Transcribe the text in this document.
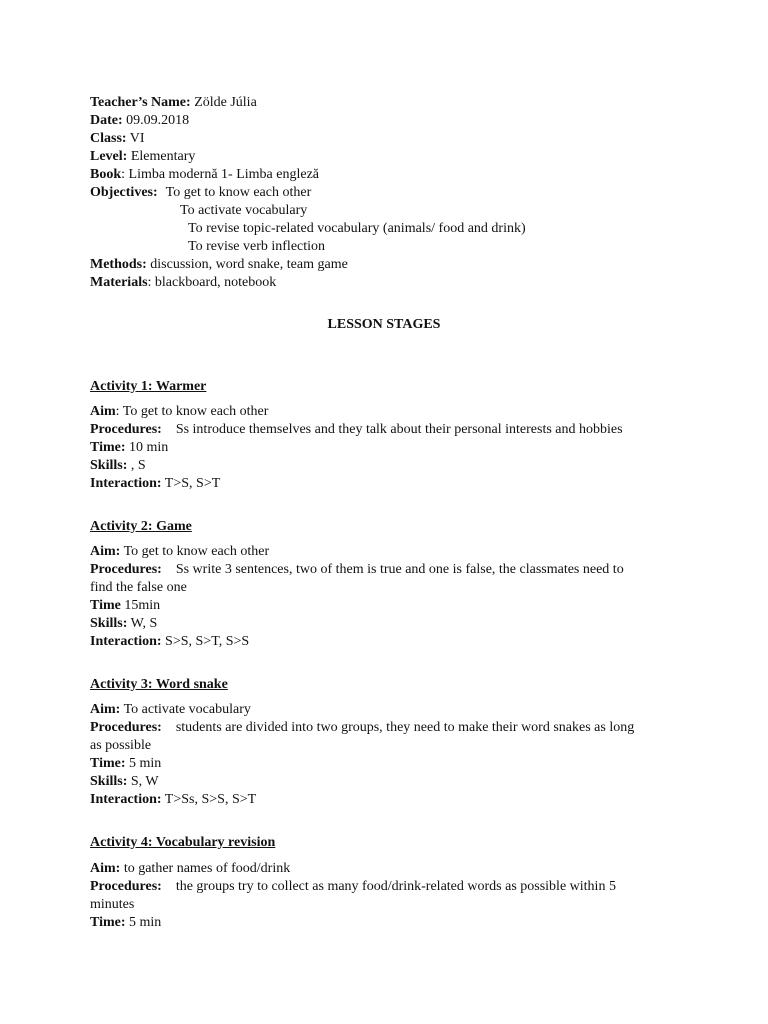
Teacher’s Name: Zölde Júlia
Date: 09.09.2018
Class: VI
Level: Elementary
Book: Limba modernă 1- Limba engleză
Objectives: To get to know each other
To activate vocabulary
To revise topic-related vocabulary (animals/ food and drink)
To revise verb inflection
Methods: discussion, word snake, team game
Materials: blackboard, notebook
LESSON STAGES
Activity 1: Warmer
Aim: To get to know each other
Procedures: Ss introduce themselves and they talk about their personal interests and hobbies
Time: 10 min
Skills: , S
Interaction: T>S, S>T
Activity 2: Game
Aim: To get to know each other
Procedures: Ss write 3 sentences, two of them is true and one is false, the classmates need to
find the false one
Time 15min
Skills: W, S
Interaction: S>S, S>T, S>S
Activity 3: Word snake
Aim: To activate vocabulary
Procedures: students are divided into two groups, they need to make their word snakes as long
as possible
Time: 5 min
Skills: S, W
Interaction: T>Ss, S>S, S>T
Activity 4: Vocabulary revision
Aim: to gather names of food/drink
Procedures: the groups try to collect as many food/drink-related words as possible within 5
minutes
Time: 5 min
